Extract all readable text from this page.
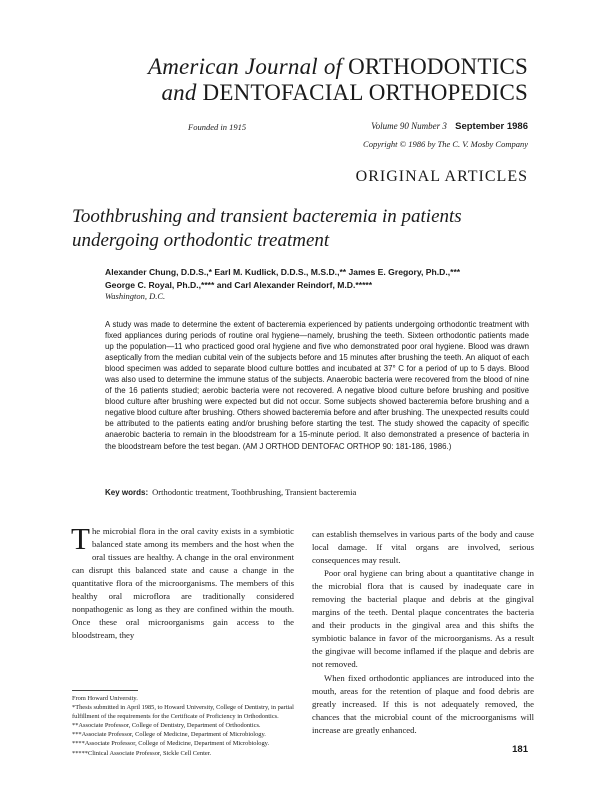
American Journal of ORTHODONTICS
and DENTOFACIAL ORTHOPEDICS
Founded in 1915	Volume 90 Number 3 September 1986
Copyright © 1986 by The C. V. Mosby Company
ORIGINAL ARTICLES
Toothbrushing and transient bacteremia in patients
undergoing orthodontic treatment
Alexander Chung, D.D.S.,* Earl M. Kudlick, D.D.S., M.S.D.,** James E. Gregory, Ph.D.,***
George C. Royal, Ph.D.,**** and Carl Alexander Reindorf, M.D.*****
Washington, D.C.
A study was made to determine the extent of bacteremia experienced by patients undergoing orthodontic treatment with fixed appliances during periods of routine oral hygiene—namely, brushing the teeth. Sixteen orthodontic patients made up the population—11 who practiced good oral hygiene and five who demonstrated poor oral hygiene. Blood was drawn aseptically from the median cubital vein of the subjects before and 15 minutes after brushing the teeth. An aliquot of each blood specimen was added to separate blood culture bottles and incubated at 37° C for a period of up to 5 days. Blood was also used to determine the immune status of the subjects. Anaerobic bacteria were recovered from the blood of nine of the 16 patients studied; aerobic bacteria were not recovered. A negative blood culture before brushing and positive blood culture after brushing were expected but did not occur. Some subjects showed bacteremia before brushing and a negative blood culture after brushing. Others showed bacteremia before and after brushing. The unexpected results could be attributed to the patients eating and/or brushing before starting the test. The study showed the capacity of specific anaerobic bacteria to remain in the bloodstream for a 15-minute period. It also demonstrated a presence of bacteria in the bloodstream before the test began. (AM J ORTHOD DENTOFAC ORTHOP 90: 181-186, 1986.)
Key words: Orthodontic treatment, Toothbrushing, Transient bacteremia

The microbial flora in the oral cavity exists in a symbiotic balanced state among its members and the host when the oral tissues are healthy. A change in the oral environment can disrupt this balanced state and cause a change in the quantitative flora of the microorganisms. The members of this healthy oral microflora are traditionally considered nonpathogenic as long as they are confined within the mouth. Once these oral microorganisms gain access to the bloodstream, they

From Howard University.
*Thesis submitted in April 1985, to Howard University, College of Dentistry, in partial fulfillment of the requirements for the Certificate of Proficiency in Orthodontics.
**Associate Professor, College of Dentistry, Department of Orthodontics.
***Associate Professor, College of Medicine, Department of Microbiology.
****Associate Professor, College of Medicine, Department of Microbiology.
*****Clinical Associate Professor, Sickle Cell Center.

can establish themselves in various parts of the body and cause local damage. If vital organs are involved, serious consequences may result.

Poor oral hygiene can bring about a quantitative change in the microbial flora that is caused by inadequate care in removing the bacterial plaque and debris at the gingival margins of the teeth. Dental plaque concentrates the bacteria and their products in the gingival area and this shifts the symbiotic balance in favor of the microorganisms. As a result the gingivae will become inflamed if the plaque and debris are not removed.

When fixed orthodontic appliances are introduced into the mouth, areas for the retention of plaque and food debris are greatly increased. If this is not adequately removed, the chances that the microbial count of the microorganisms will increase are greatly enhanced.

181
